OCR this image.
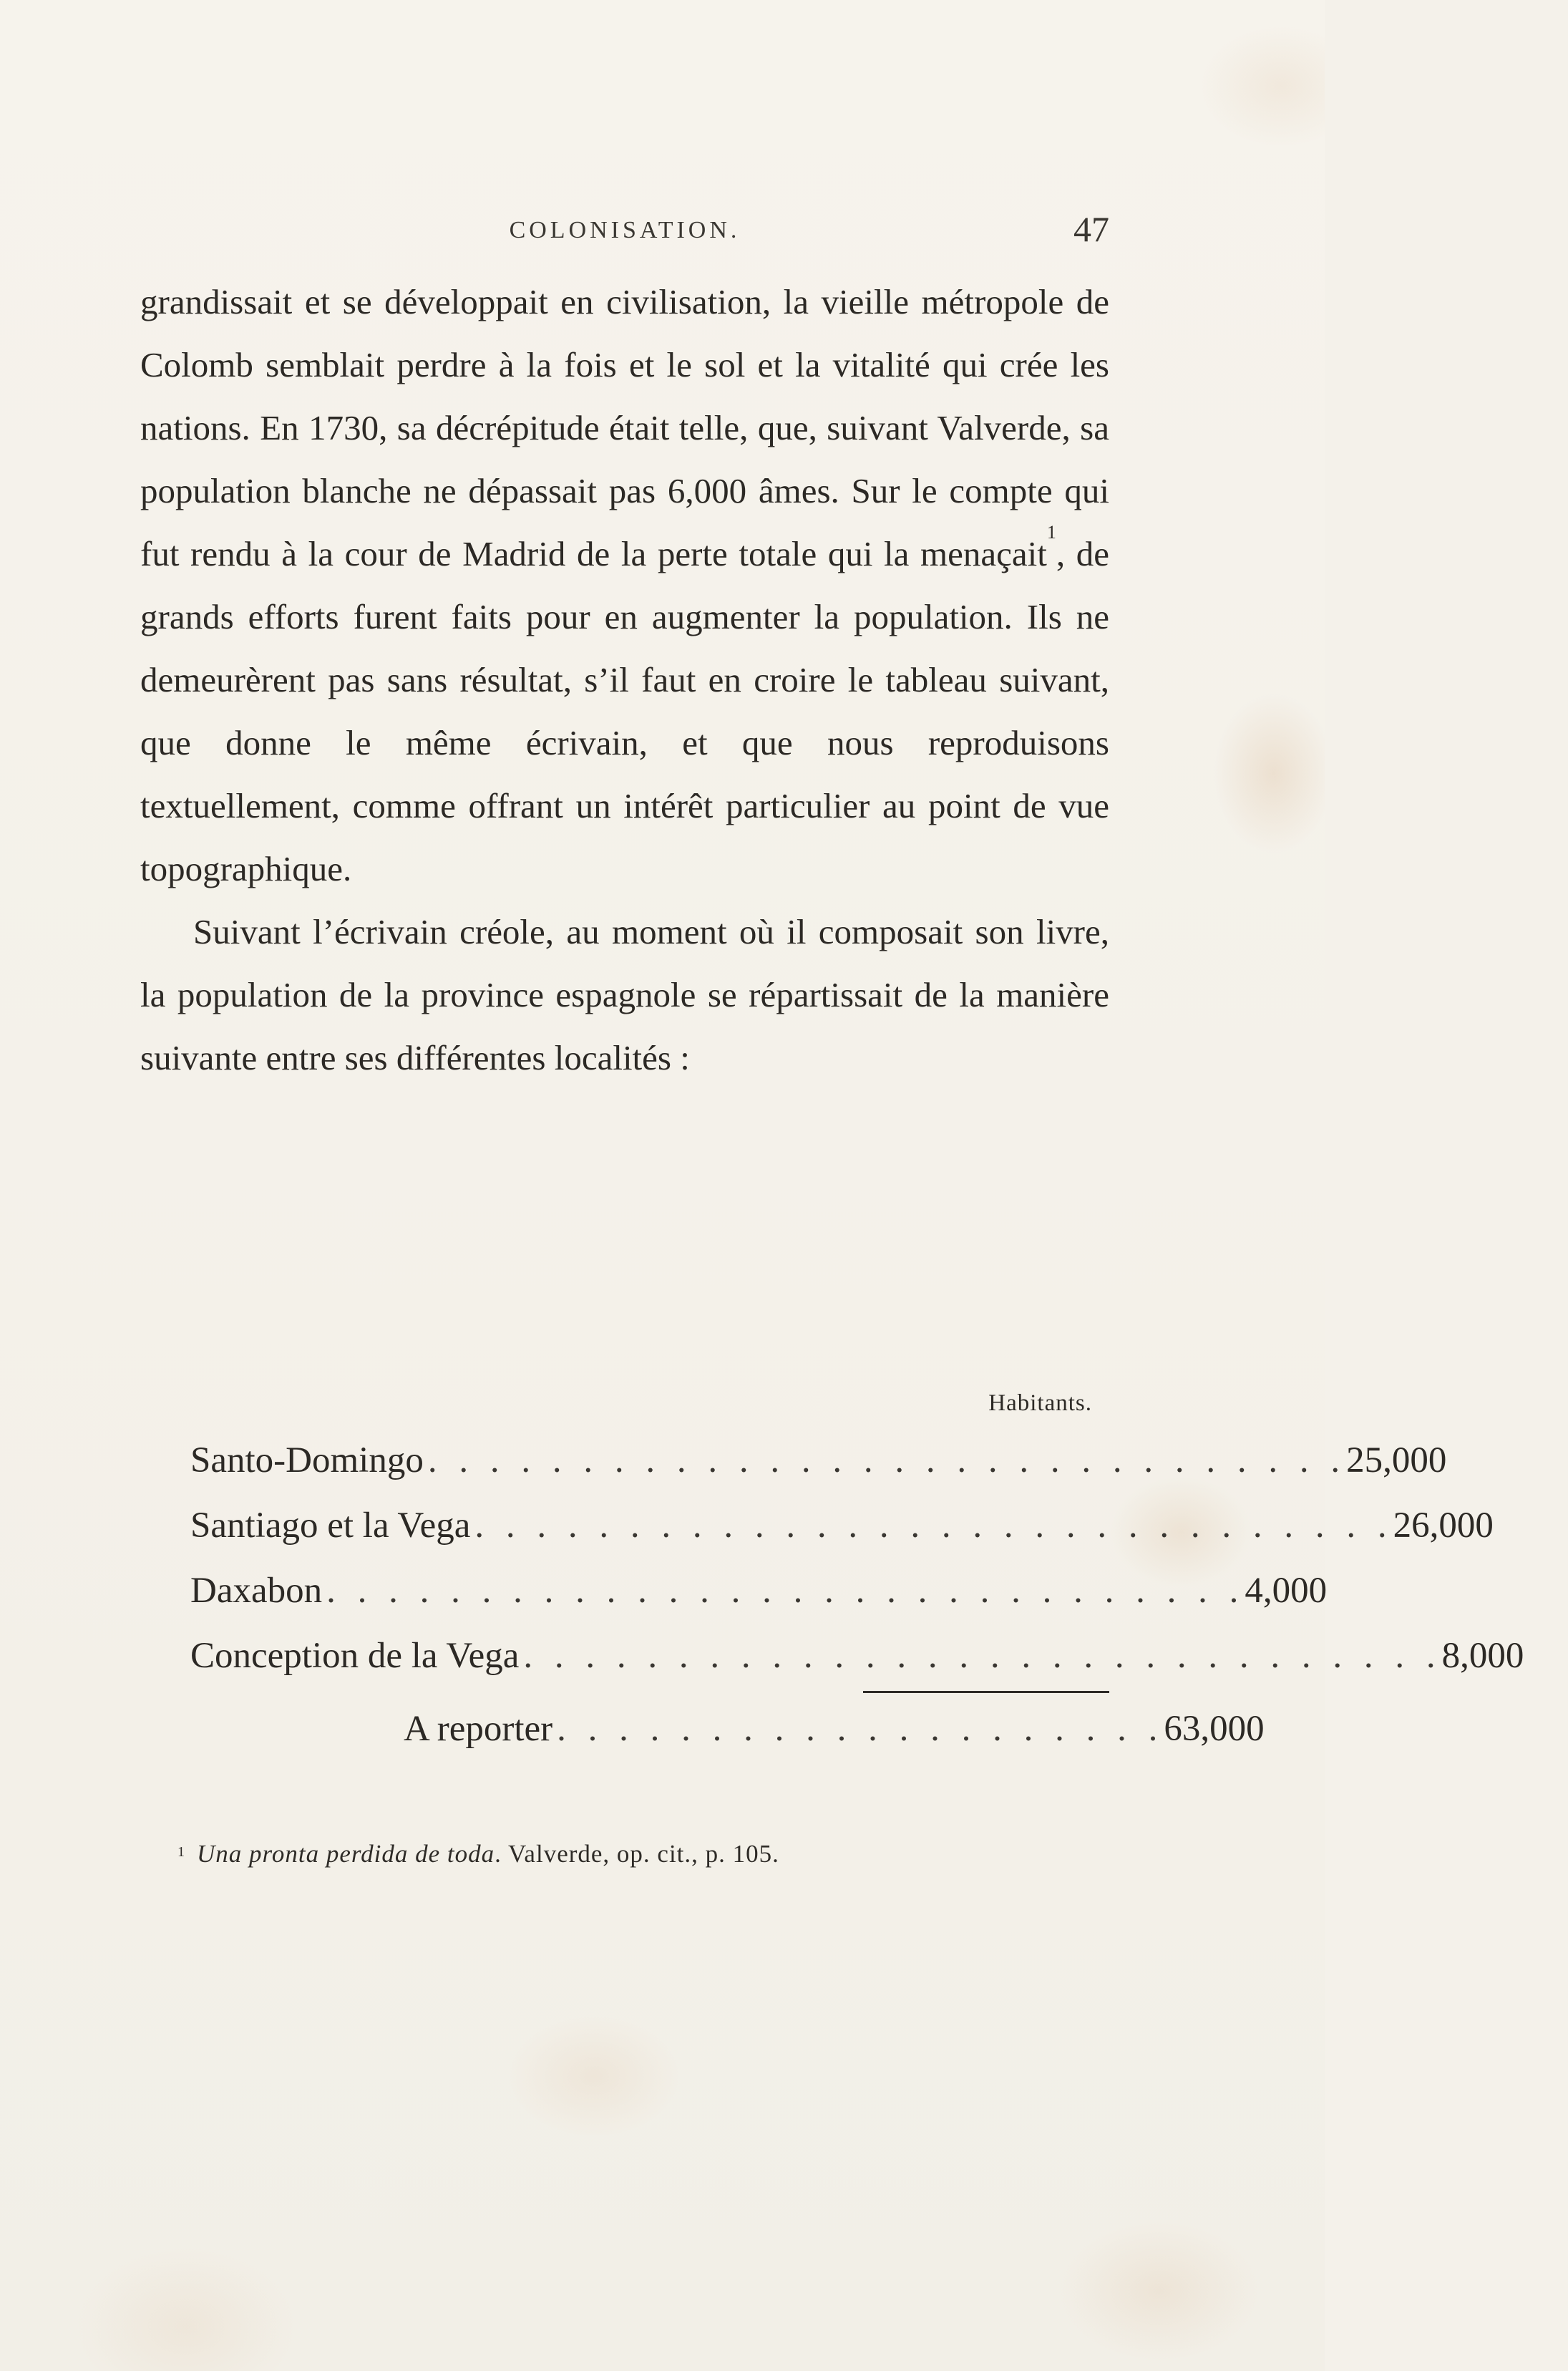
COLONISATION.	47

grandissait et se développait en civilisation, la vieille métropole de Colomb semblait perdre à la fois et le sol et la vitalité qui crée les nations. En 1730, sa décrépitude était telle, que, suivant Valverde, sa population blanche ne dépassait pas 6,000 âmes. Sur le compte qui fut rendu à la cour de Madrid de la perte totale qui la menaçait$^1$, de grands efforts furent faits pour en augmenter la population. Ils ne demeurèrent pas sans résultat, s’il faut en croire le tableau suivant, que donne le même écrivain, et que nous reproduisons textuellement, comme offrant un intérêt particulier au point de vue topographique.

Suivant l’écrivain créole, au moment où il composait son livre, la population de la province espagnole se répartissait de la manière suivante entre ses différentes localités :

Habitants.
Santo-Domingo . . . . . . . . . . . . . . . . . . . . . . . . . . . . . . 25,000
Santiago et la Vega . . . . . . . . . . . . . . . . . . . . . . . . . . . . . . 26,000
Daxabon . . . . . . . . . . . . . . . . . . . . . . . . . . . . . . 4,000
Conception de la Vega . . . . . . . . . . . . . . . . . . . . . . . . . . . . . . 8,000
A reporter . . . . . . . . . . . . . . . . . . . . 63,000
$^1$ Una pronta perdida de toda. Valverde, op. cit., p. 105.
